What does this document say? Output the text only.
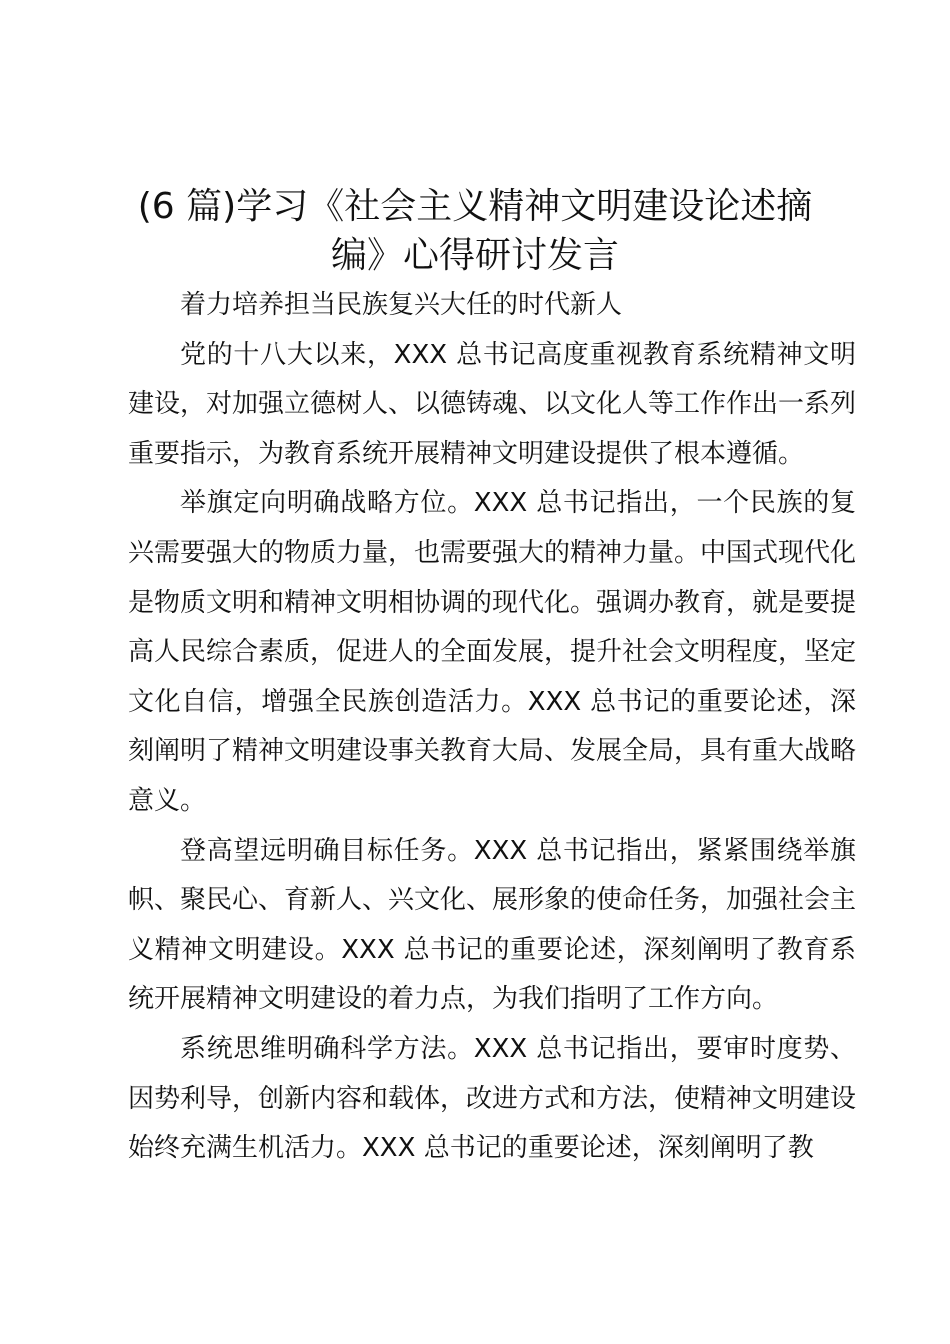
(6 篇)学习《社会主义精神文明建设论述摘编》心得研讨发言

着力培养担当民族复兴大任的时代新人

党的十八大以来，XXX 总书记高度重视教育系统精神文明建设，对加强立德树人、以德铸魂、以文化人等工作作出一系列重要指示，为教育系统开展精神文明建设提供了根本遵循。

举旗定向明确战略方位。XXX 总书记指出，一个民族的复兴需要强大的物质力量，也需要强大的精神力量。中国式现代化是物质文明和精神文明相协调的现代化。强调办教育，就是要提高人民综合素质，促进人的全面发展，提升社会文明程度，坚定文化自信，增强全民族创造活力。XXX 总书记的重要论述，深刻阐明了精神文明建设事关教育大局、发展全局，具有重大战略意义。

登高望远明确目标任务。XXX 总书记指出，紧紧围绕举旗帜、聚民心、育新人、兴文化、展形象的使命任务，加强社会主义精神文明建设。XXX 总书记的重要论述，深刻阐明了教育系统开展精神文明建设的着力点，为我们指明了工作方向。

系统思维明确科学方法。XXX 总书记指出，要审时度势、因势利导，创新内容和载体，改进方式和方法，使精神文明建设始终充满生机活力。XXX 总书记的重要论述，深刻阐明了教
